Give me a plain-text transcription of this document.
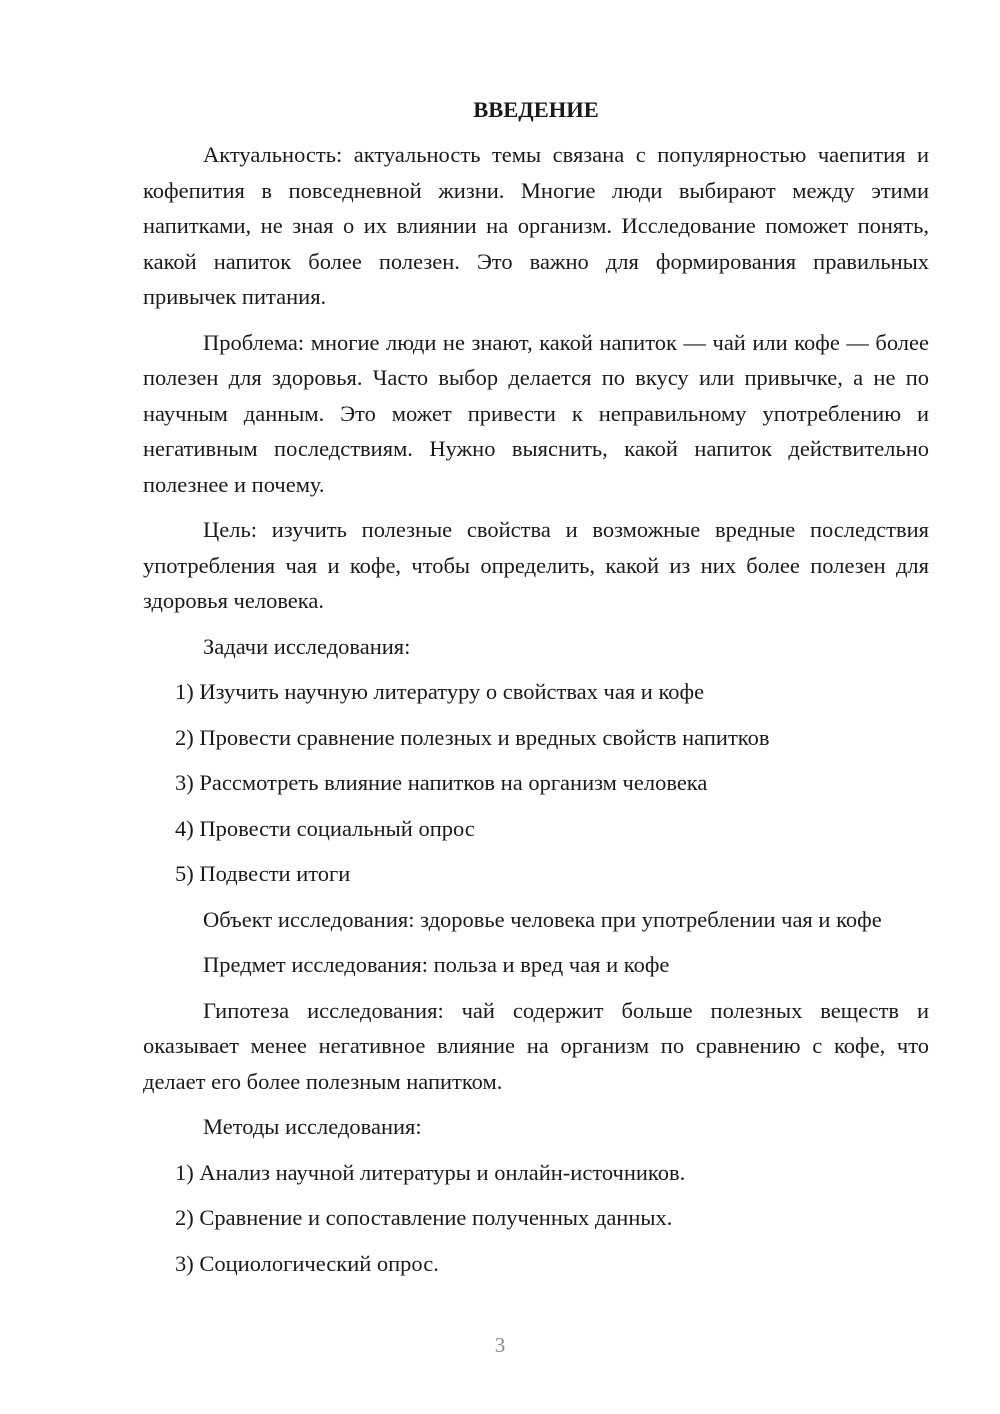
ВВЕДЕНИЕ

Актуальность: актуальность темы связана с популярностью чаепития и кофепития в повседневной жизни. Многие люди выбирают между этими напитками, не зная о их влиянии на организм. Исследование поможет понять, какой напиток более полезен. Это важно для формирования правильных привычек питания.

Проблема: многие люди не знают, какой напиток — чай или кофе — более полезен для здоровья. Часто выбор делается по вкусу или привычке, а не по научным данным. Это может привести к неправильному употреблению и негативным последствиям. Нужно выяснить, какой напиток действительно полезнее и почему.

Цель: изучить полезные свойства и возможные вредные последствия употребления чая и кофе, чтобы определить, какой из них более полезен для здоровья человека.

Задачи исследования:

1) Изучить научную литературу о свойствах чая и кофе

2) Провести сравнение полезных и вредных свойств напитков

3) Рассмотреть влияние напитков на организм человека

4) Провести социальный опрос

5) Подвести итоги

Объект исследования: здоровье человека при употреблении чая и кофе

Предмет исследования: польза и вред чая и кофе

Гипотеза исследования: чай содержит больше полезных веществ и оказывает менее негативное влияние на организм по сравнению с кофе, что делает его более полезным напитком.

Методы исследования:

1) Анализ научной литературы и онлайн-источников.

2) Сравнение и сопоставление полученных данных.

3) Социологический опрос.

3
